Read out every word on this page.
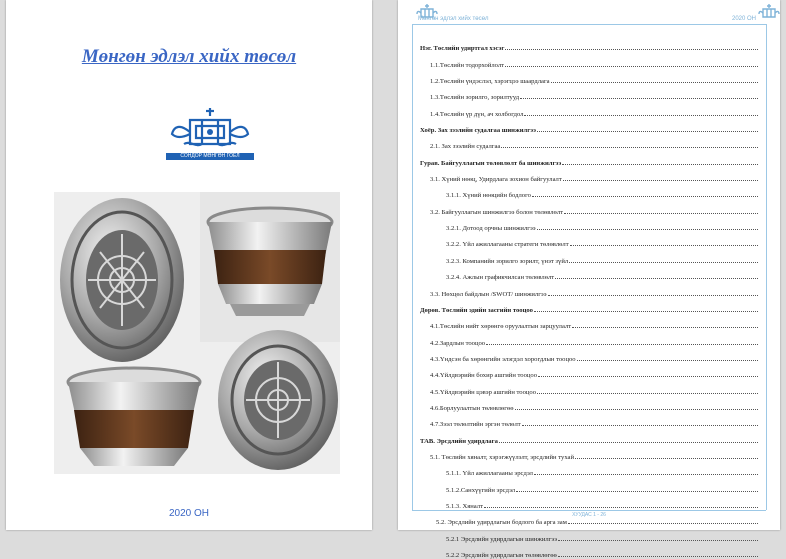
Мөнгөн эдлэл хийх төсөл
СОНДОР МӨНГӨН ГОЁЛ
2020 ОН
Мөнгөн эдлэл хийх төсөл	2020 ОН
ХУУДАС 1 - 26
Нэг. Төслийн удиртгал хэсэг
1.1.Төслийн тодорхойлолт
1.2.Төслийн үндэслэл, хэрэгцээ шаардлага
1.3.Төслийн зорилго, зорилтууд
1.4.Төслийн үр дүн, ач холбогдол
Хоёр. Зах зээлийн судалгаа шинжилгээ
2.1. Зах зээлийн судалгаа
Гурав. Байгууллагын төлөвлөлт ба шинжилгээ
3.1. Хүний нөөц, Удирдлага зохион байгуулалт
3.1.1. Хүний нөөцийн бодлого
3.2. Байгууллагын шинжилгээ болон төлөвлөлт
3.2.1. Дотоод орчны шинжилгээ
3.2.2. Үйл ажиллагааны стратеги төлөвлөлт
3.2.3. Компанийн зорилго зорилт, үнэт зүйл
3.2.4. Ажлын графикчилсан төлөвлөлт
3.3. Нөхцөл байдлын /SWOT/ шинжилгээ
Дөрөв. Төслийн эдийн засгийн тооцоо
4.1.Төслийн нийт хөрөнгө оруулалтын зарцуулалт
4.2.Зардлын тооцоо
4.3.Үндсэн ба хөрөнгийн элэгдэл хорогдлын тооцоо
4.4.Үйлдвэрийн бохир ашгийн тооцоо
4.5.Үйлдвэрийн цэвэр ашгийн тооцоо
4.6.Борлуулалтын төлөвлөгөө
4.7.Зээл төлөлтийн эргэн төлөлт
ТАВ. Эрсдлийн удирдлага
5.1. Төслийн хяналт, хэрэгжүүлэлт, эрсдлийн тухай
5.1.1. Үйл ажиллагааны эрсдэл
5.1.2.Санхүүгийн эрсдэл
5.1.3. Хяналт
5.2. Эрсдлийн удирдлагын бодлого ба арга зам
5.2.1 Эрсдлийн удирдлагын шинжилгээ
5.2.2 Эрсдлийн удирдлагын төлөвлөгөө
